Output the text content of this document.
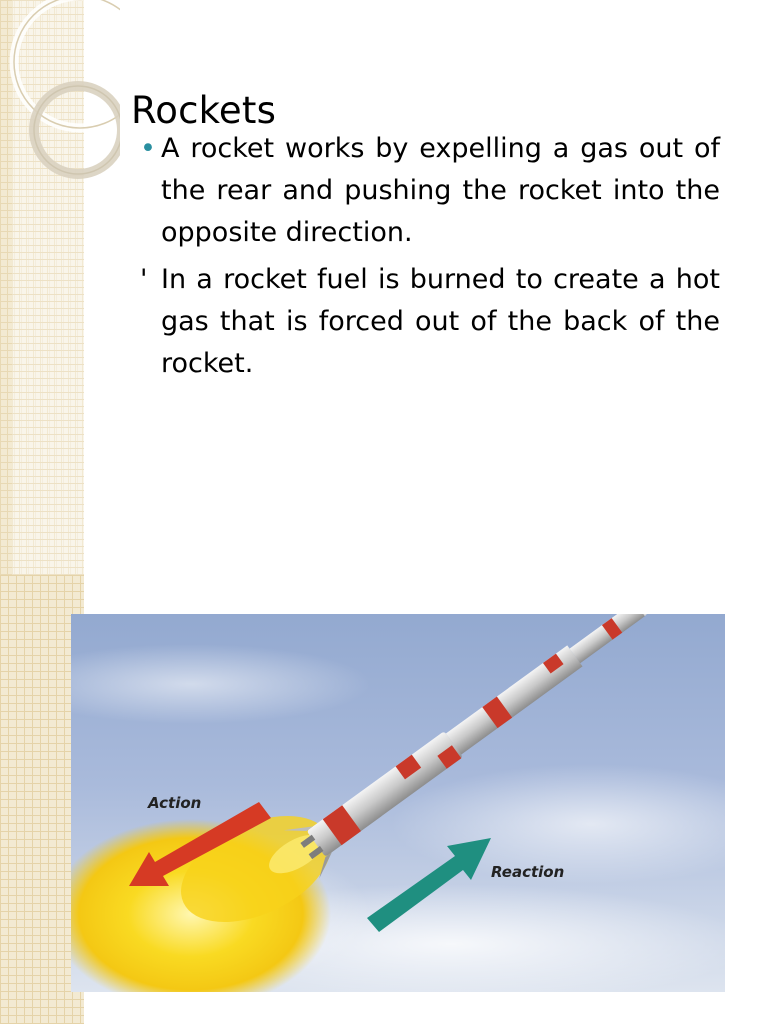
Rockets
• A rocket works by expelling a gas out of the rear and pushing the rocket into the opposite direction.
' In a rocket fuel is burned to create a hot gas that is forced out of the back of the rocket.
Action
Reaction
